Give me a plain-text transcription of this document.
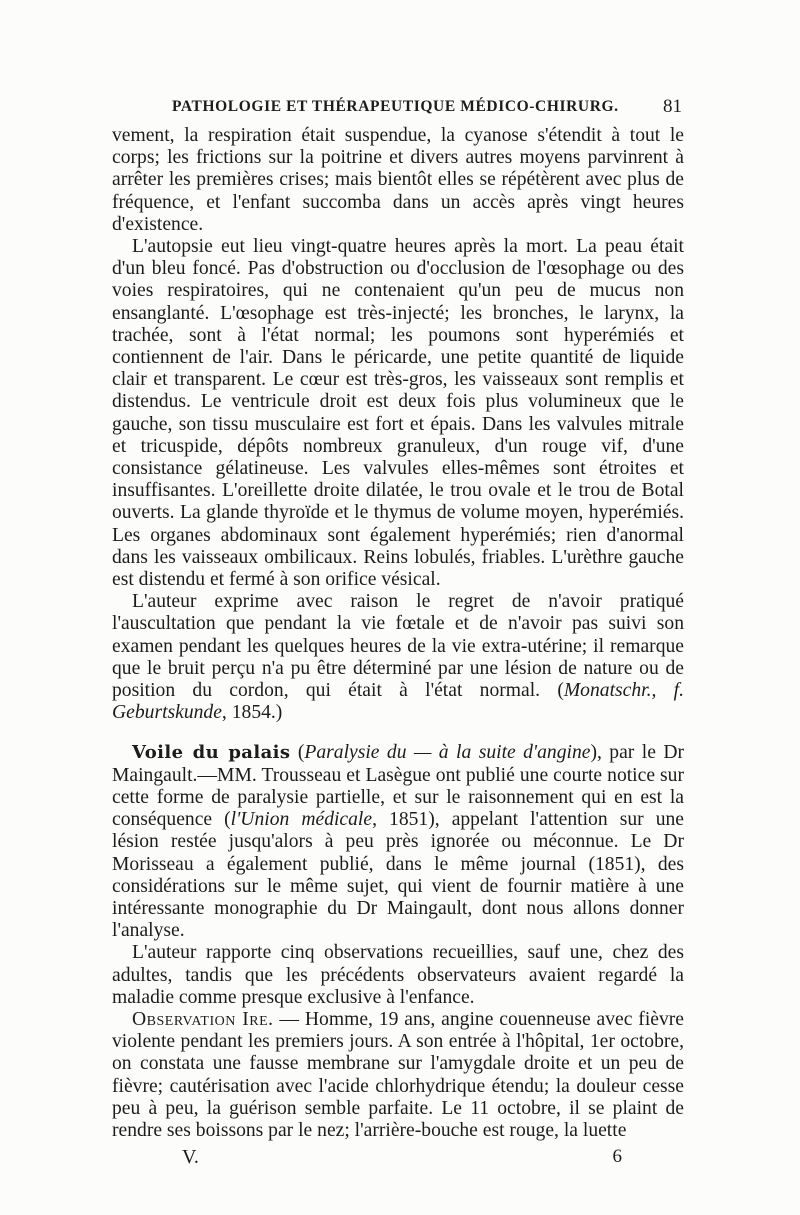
PATHOLOGIE ET THÉRAPEUTIQUE MÉDICO-CHIRURG. 81

vement, la respiration était suspendue, la cyanose s'étendit à tout le corps; les frictions sur la poitrine et divers autres moyens parvinrent à arrêter les premières crises; mais bientôt elles se répétèrent avec plus de fréquence, et l'enfant succomba dans un accès après vingt heures d'existence.

L'autopsie eut lieu vingt-quatre heures après la mort. La peau était d'un bleu foncé. Pas d'obstruction ou d'occlusion de l'œsophage ou des voies respiratoires, qui ne contenaient qu'un peu de mucus non ensanglanté. L'œsophage est très-injecté; les bronches, le larynx, la trachée, sont à l'état normal; les poumons sont hyperémiés et contiennent de l'air. Dans le péricarde, une petite quantité de liquide clair et transparent. Le cœur est très-gros, les vaisseaux sont remplis et distendus. Le ventricule droit est deux fois plus volumineux que le gauche, son tissu musculaire est fort et épais. Dans les valvules mitrale et tricuspide, dépôts nombreux granuleux, d'un rouge vif, d'une consistance gélatineuse. Les valvules elles-mêmes sont étroites et insuffisantes. L'oreillette droite dilatée, le trou ovale et le trou de Botal ouverts. La glande thyroïde et le thymus de volume moyen, hyperémiés. Les organes abdominaux sont également hyperémiés; rien d'anormal dans les vaisseaux ombilicaux. Reins lobulés, friables. L'urèthre gauche est distendu et fermé à son orifice vésical.

L'auteur exprime avec raison le regret de n'avoir pratiqué l'auscultation que pendant la vie fœtale et de n'avoir pas suivi son examen pendant les quelques heures de la vie extra-utérine; il remarque que le bruit perçu n'a pu être déterminé par une lésion de nature ou de position du cordon, qui était à l'état normal. (Monatschr., f. Geburtskunde, 1854.)

Voile du palais (Paralysie du — à la suite d'angine), par le Dr Maingault.—MM. Trousseau et Lasègue ont publié une courte notice sur cette forme de paralysie partielle, et sur le raisonnement qui en est la conséquence (l'Union médicale, 1851), appelant l'attention sur une lésion restée jusqu'alors à peu près ignorée ou méconnue. Le Dr Morisseau a également publié, dans le même journal (1851), des considérations sur le même sujet, qui vient de fournir matière à une intéressante monographie du Dr Maingault, dont nous allons donner l'analyse.

L'auteur rapporte cinq observations recueillies, sauf une, chez des adultes, tandis que les précédents observateurs avaient regardé la maladie comme presque exclusive à l'enfance.

Observation Ire. — Homme, 19 ans, angine couenneuse avec fièvre violente pendant les premiers jours. A son entrée à l'hôpital, 1er octobre, on constata une fausse membrane sur l'amygdale droite et un peu de fièvre; cautérisation avec l'acide chlorhydrique étendu; la douleur cesse peu à peu, la guérison semble parfaite. Le 11 octobre, il se plaint de rendre ses boissons par le nez; l'arrière-bouche est rouge, la luette

V.	6
